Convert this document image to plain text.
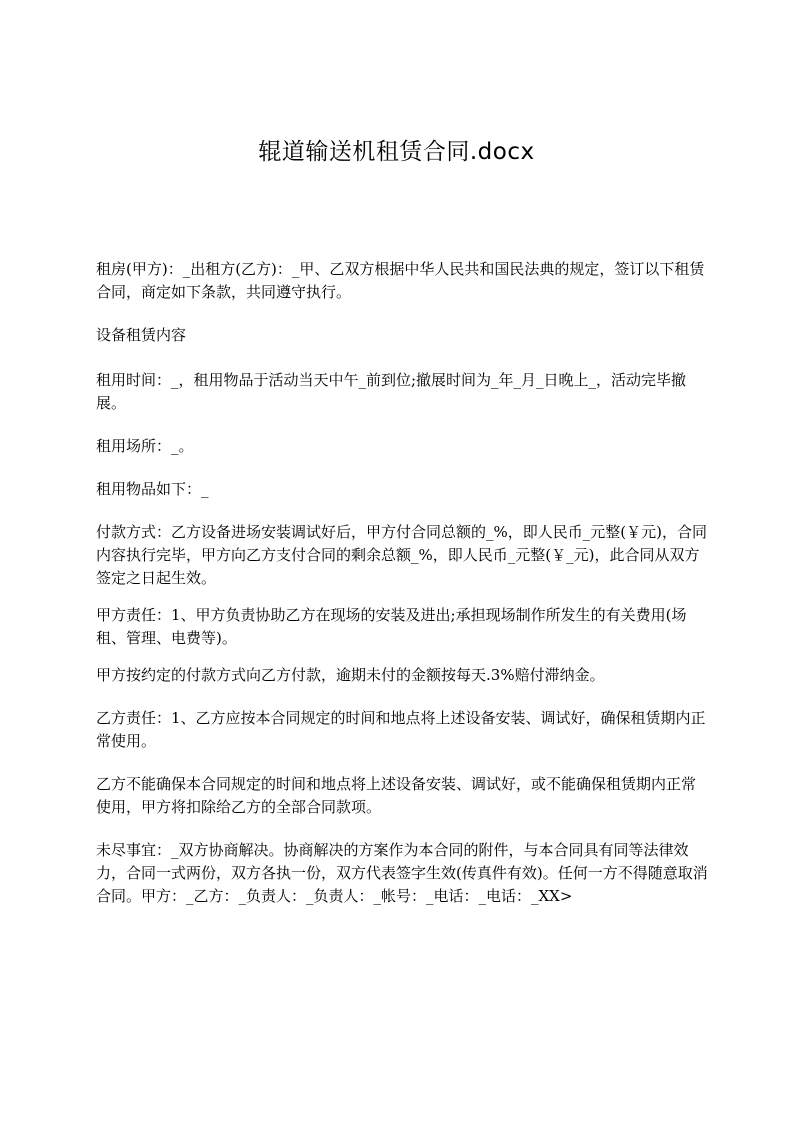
辊道输送机租赁合同.docx

租房(甲方)：_出租方(乙方)：_甲、乙双方根据中华人民共和国民法典的规定，签订以下租赁合同，商定如下条款，共同遵守执行。

设备租赁内容

租用时间：_，租用物品于活动当天中午_前到位;撤展时间为_年_月_日晚上_，活动完毕撤展。

租用场所：_。

租用物品如下：_

付款方式：乙方设备进场安装调试好后，甲方付合同总额的_%，即人民币_元整(￥元)，合同内容执行完毕，甲方向乙方支付合同的剩余总额_%，即人民币_元整(￥_元)，此合同从双方签定之日起生效。

甲方责任：1、甲方负责协助乙方在现场的安装及进出;承担现场制作所发生的有关费用(场租、管理、电费等)。

甲方按约定的付款方式向乙方付款，逾期未付的金额按每天.3%赔付滞纳金。

乙方责任：1、乙方应按本合同规定的时间和地点将上述设备安装、调试好，确保租赁期内正常使用。

乙方不能确保本合同规定的时间和地点将上述设备安装、调试好，或不能确保租赁期内正常使用，甲方将扣除给乙方的全部合同款项。

未尽事宜：_双方协商解决。协商解决的方案作为本合同的附件，与本合同具有同等法律效力，合同一式两份，双方各执一份，双方代表签字生效(传真件有效)。任何一方不得随意取消合同。甲方：_乙方：_负责人：_负责人：_帐号：_电话：_电话：_XX>
